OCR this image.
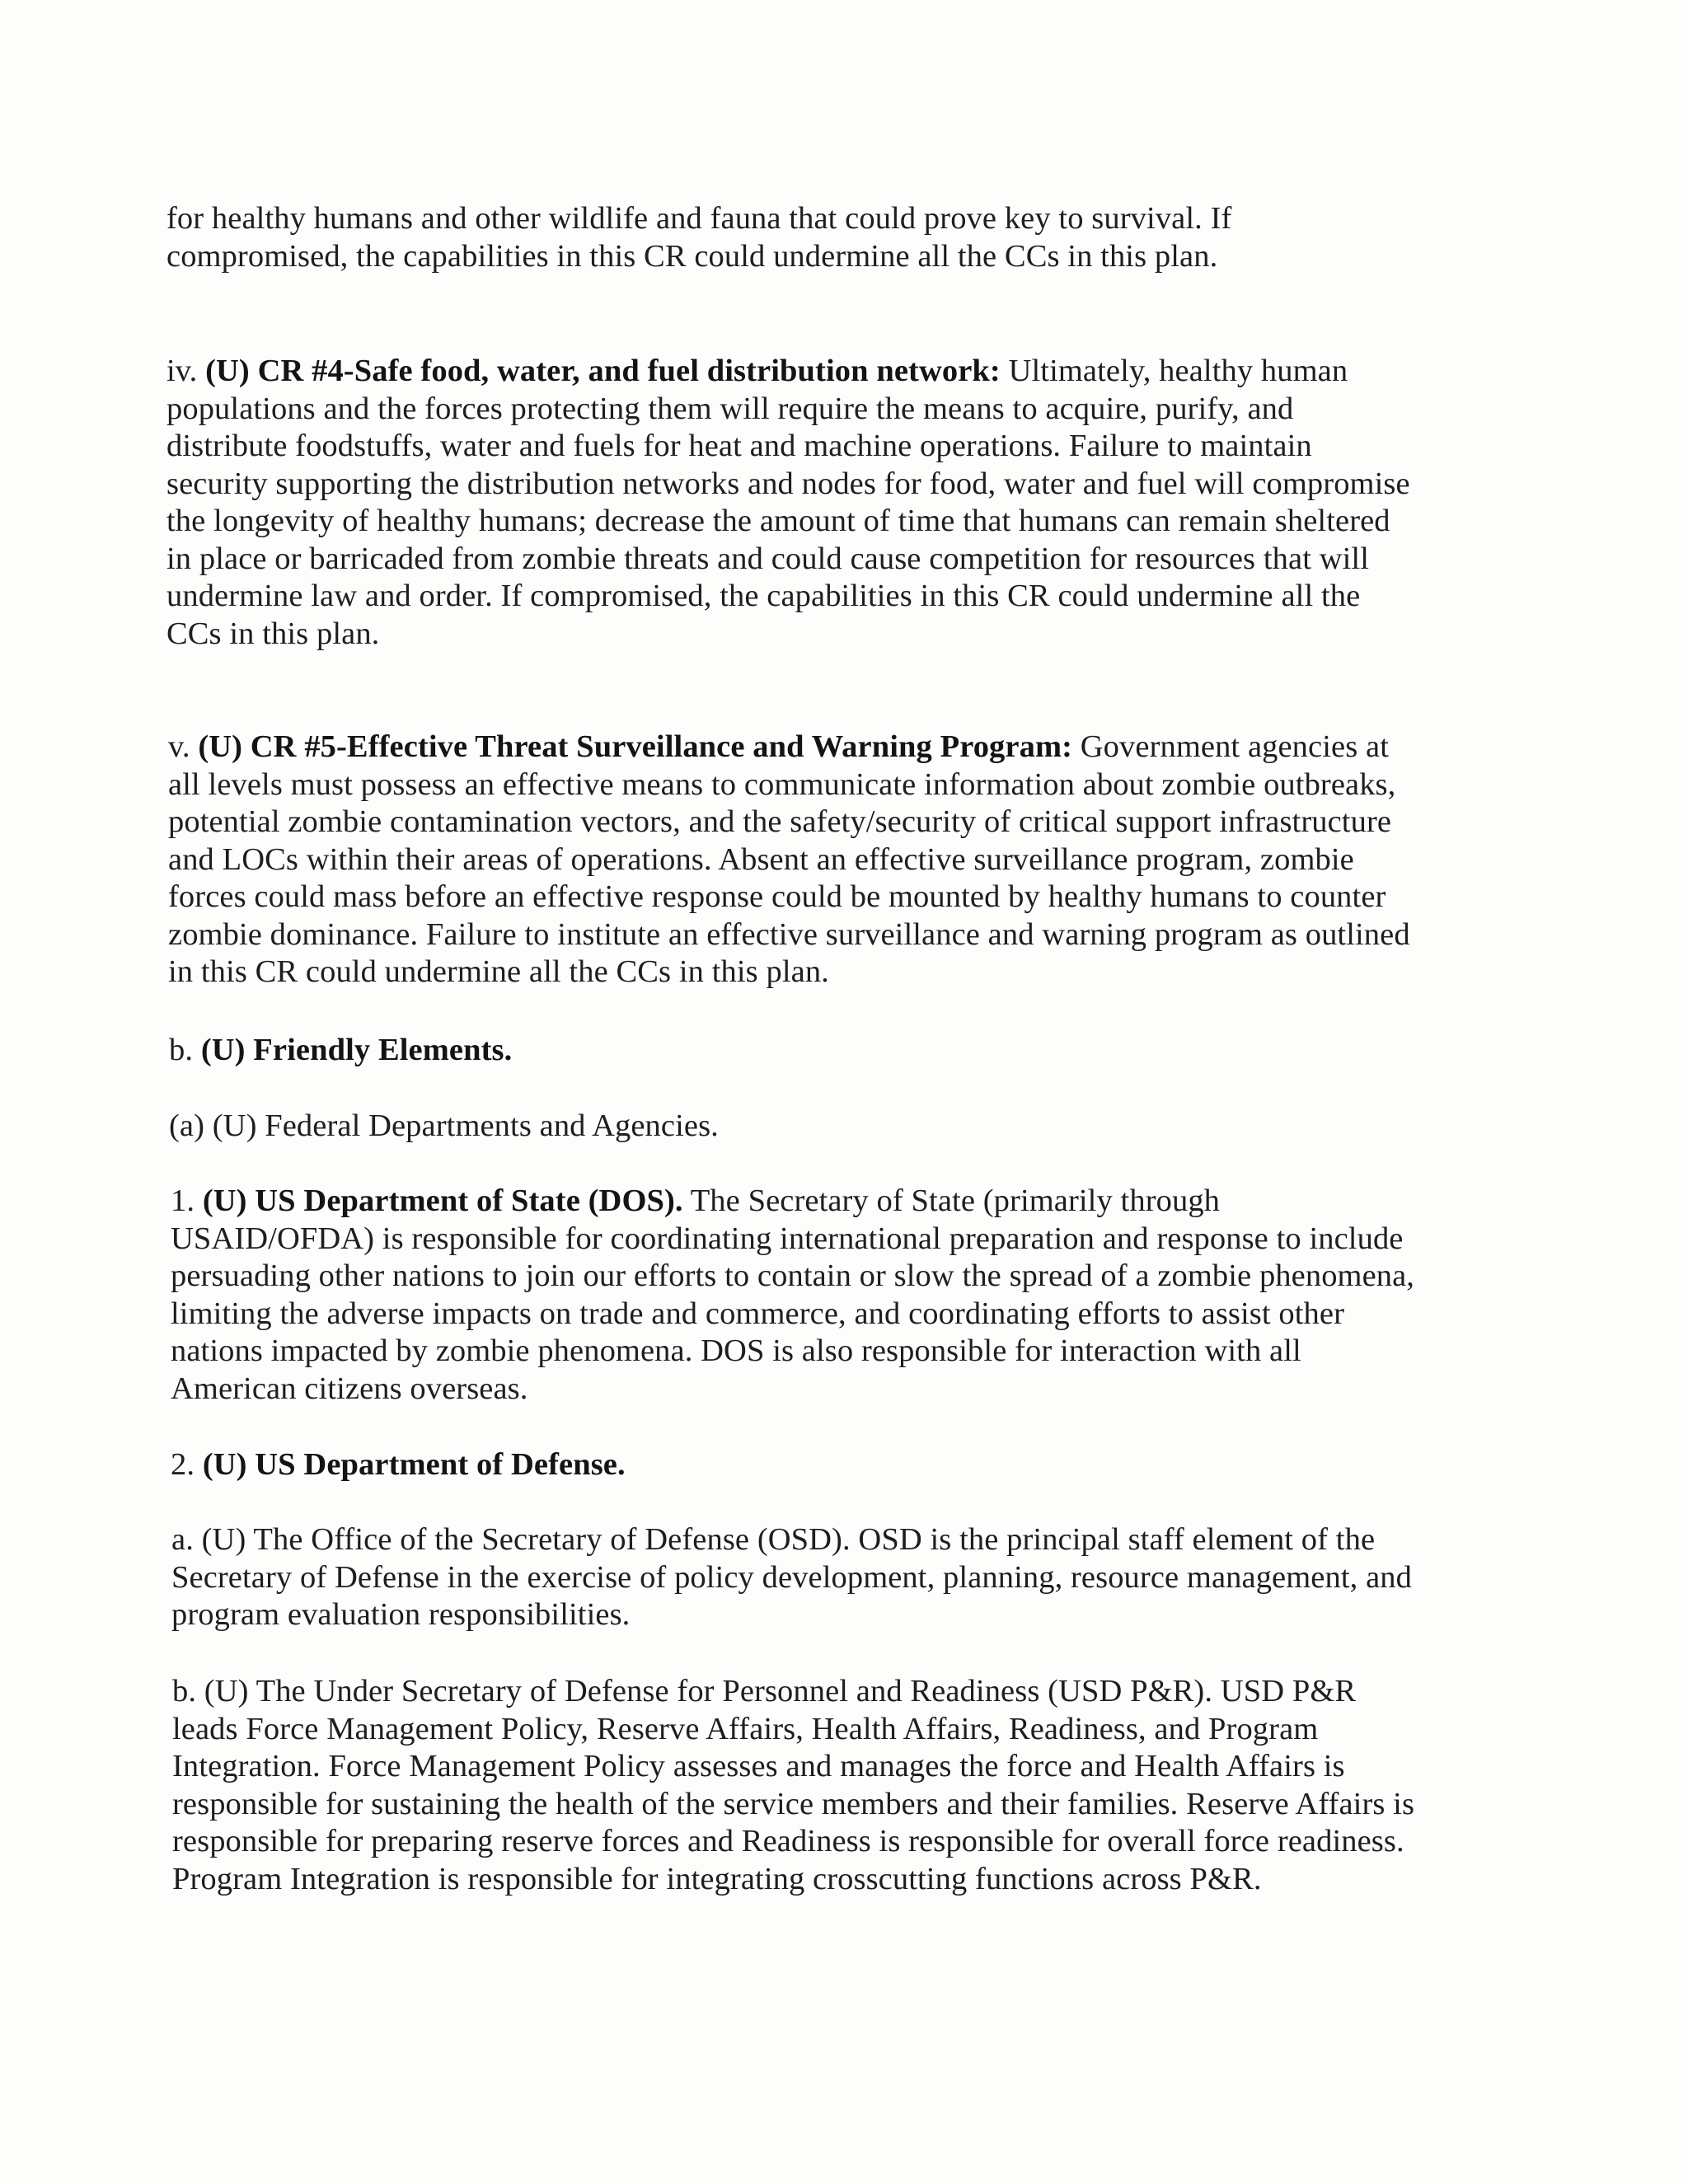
for healthy humans and other wildlife and fauna that could prove key to survival. If
compromised, the capabilities in this CR could undermine all the CCs in this plan.
iv. (U) CR #4-Safe food, water, and fuel distribution network: Ultimately, healthy human
populations and the forces protecting them will require the means to acquire, purify, and
distribute foodstuffs, water and fuels for heat and machine operations. Failure to maintain
security supporting the distribution networks and nodes for food, water and fuel will compromise
the longevity of healthy humans; decrease the amount of time that humans can remain sheltered
in place or barricaded from zombie threats and could cause competition for resources that will
undermine law and order. If compromised, the capabilities in this CR could undermine all the
CCs in this plan.
v. (U) CR #5-Effective Threat Surveillance and Warning Program: Government agencies at
all levels must possess an effective means to communicate information about zombie outbreaks,
potential zombie contamination vectors, and the safety/security of critical support infrastructure
and LOCs within their areas of operations. Absent an effective surveillance program, zombie
forces could mass before an effective response could be mounted by healthy humans to counter
zombie dominance. Failure to institute an effective surveillance and warning program as outlined
in this CR could undermine all the CCs in this plan.
b. (U) Friendly Elements.
(a) (U) Federal Departments and Agencies.
1. (U) US Department of State (DOS). The Secretary of State (primarily through
USAID/OFDA) is responsible for coordinating international preparation and response to include
persuading other nations to join our efforts to contain or slow the spread of a zombie phenomena,
limiting the adverse impacts on trade and commerce, and coordinating efforts to assist other
nations impacted by zombie phenomena. DOS is also responsible for interaction with all
American citizens overseas.
2. (U) US Department of Defense.
a. (U) The Office of the Secretary of Defense (OSD). OSD is the principal staff element of the
Secretary of Defense in the exercise of policy development, planning, resource management, and
program evaluation responsibilities.
b. (U) The Under Secretary of Defense for Personnel and Readiness (USD P&R). USD P&R
leads Force Management Policy, Reserve Affairs, Health Affairs, Readiness, and Program
Integration. Force Management Policy assesses and manages the force and Health Affairs is
responsible for sustaining the health of the service members and their families. Reserve Affairs is
responsible for preparing reserve forces and Readiness is responsible for overall force readiness.
Program Integration is responsible for integrating crosscutting functions across P&R.
